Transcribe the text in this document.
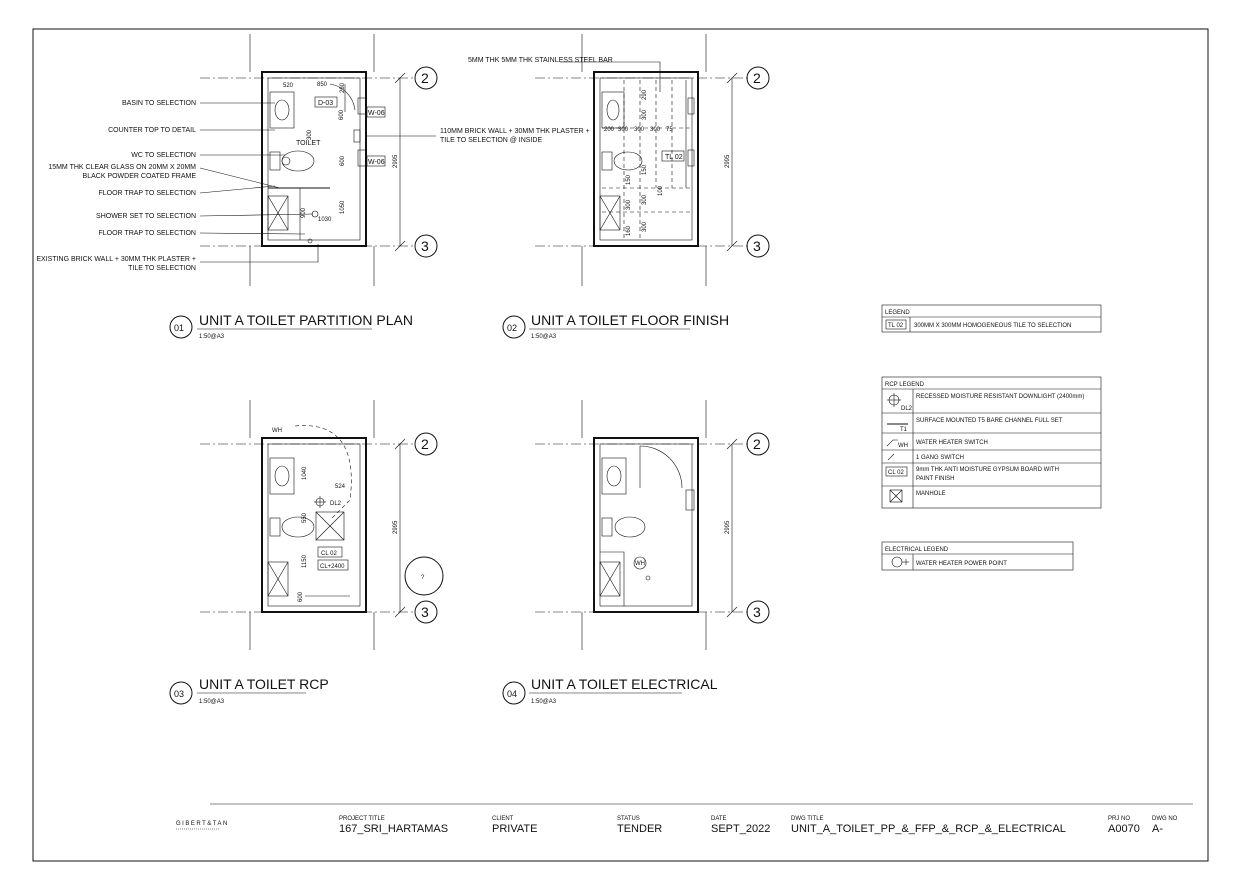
D-03
W-06
W-06
TOILET
520	850 260
600
300
600
1050
900
1030
BASIN TO SELECTION
COUNTER TOP TO DETAIL
WC TO SELECTION
15MM THK CLEAR GLASS ON 20MM X 20MM
BLACK POWDER COATED FRAME
FLOOR TRAP TO SELECTION
SHOWER SET TO SELECTION
FLOOR TRAP TO SELECTION
EXISTING BRICK WALL + 30MM THK PLASTER +
TILE TO SELECTION
110MM BRICK WALL + 30MM THK PLASTER +
TILE TO SELECTION @ INSIDE
2995
2
3
01 UNIT A TOILET PARTITION PLAN
1:50@A3
TL 02
5MM THK 5MM THK STAINLESS STEEL BAR
300 300 300 75
200
290
300
150
300
150
300
160 300
100
2995
2
3
02 UNIT A TOILET FLOOR FINISH
1:50@A3
WH
DL2
CL 02
CL+2400
1040
524
550
1150
600
2995
2
3
?
03
UNIT A TOILET RCP
1:50@A3
WH
2995
2
3
04
UNIT A TOILET ELECTRICAL
1:50@A3
LEGEND
TL 02 300MM X 300MM HOMOGENEOUS TILE TO SELECTION
RCP LEGEND
DL2
RECESSED MOISTURE RESISTANT DOWNLIGHT (2400mm)
T1
SURFACE MOUNTED T5 BARE CHANNEL FULL SET
WH WATER HEATER SWITCH
1 GANG SWITCH
CL 02 9mm THK ANTI MOISTURE GYPSUM BOARD WITH
PAINT FINISH
MANHOLE
ELECTRICAL LEGEND
WATER HEATER POWER POINT
GIBERT&TAN
PROJECT TITLE
167_SRI_HARTAMAS
CLIENT
PRIVATE
STATUS
TENDER
DATE
SEPT_2022
DWG TITLE
UNIT_A_TOILET_PP_&_FFP_&_RCP_&_ELECTRICAL
PRJ NO
A0070
DWG NO
A-
